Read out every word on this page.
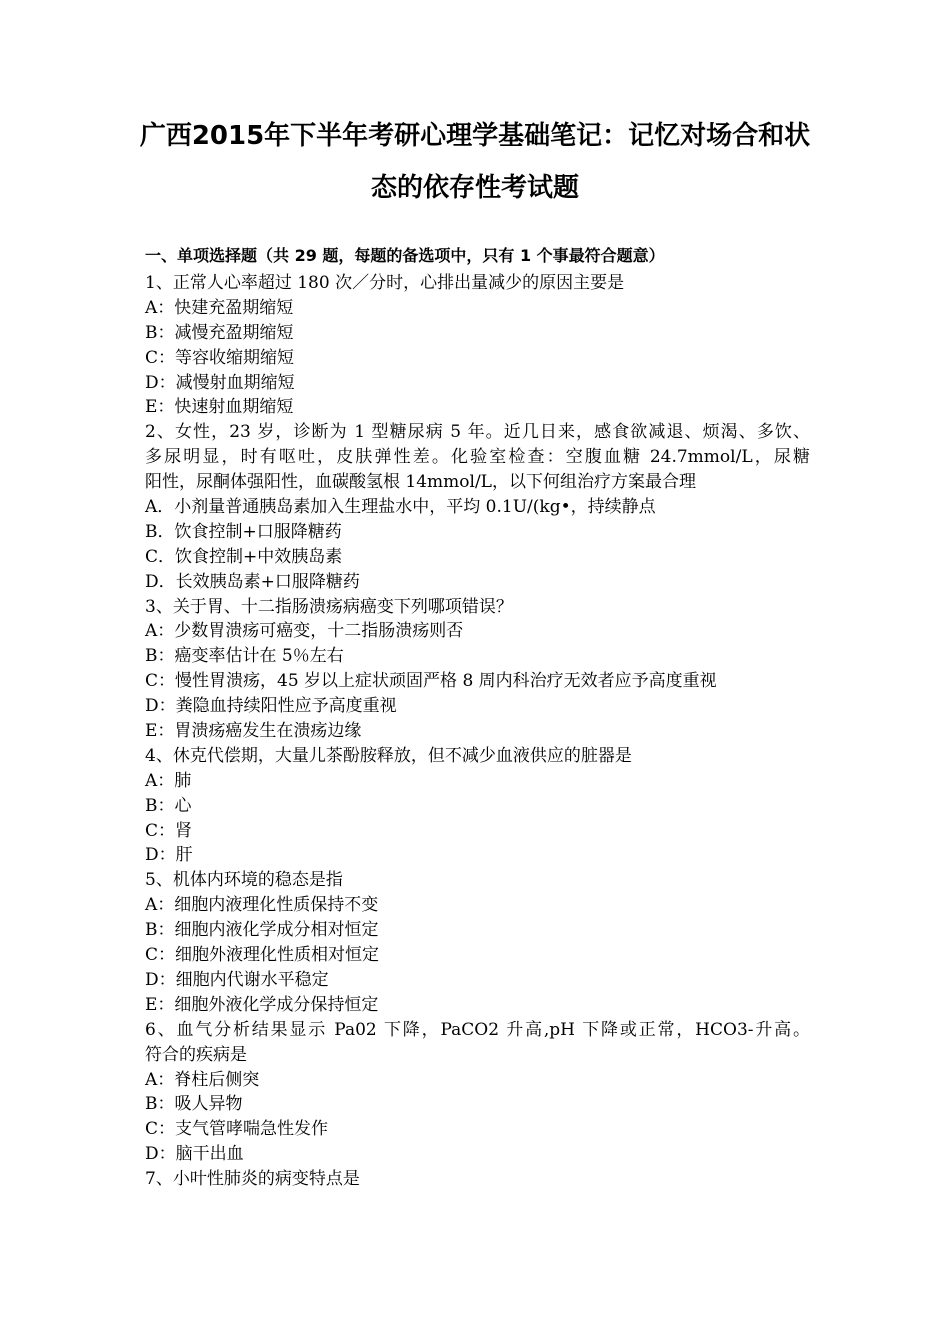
广西2015年下半年考研心理学基础笔记：记忆对场合和状
态的依存性考试题
一、单项选择题（共 29 题，每题的备选项中，只有 1 个事最符合题意）
1、正常人心率超过 180 次／分时，心排出量减少的原因主要是
A：快建充盈期缩短
B：减慢充盈期缩短
C：等容收缩期缩短
D：减慢射血期缩短
E：快速射血期缩短
2、女性，23 岁，诊断为 1 型糖尿病 5 年。近几日来，感食欲减退、烦渴、多饮、
多尿明显，时有呕吐，皮肤弹性差。化验室检查：空腹血糖 24.7mmol/L，尿糖
阳性，尿酮体强阳性，血碳酸氢根 14mmol/L，以下何组治疗方案最合理
A．小剂量普通胰岛素加入生理盐水中，平均 0.1U/(kg•，持续静点
B．饮食控制+口服降糖药
C．饮食控制+中效胰岛素
D．长效胰岛素+口服降糖药
3、关于胃、十二指肠溃疡病癌变下列哪项错误？
A：少数胃溃疡可癌变，十二指肠溃疡则否
B：癌变率估计在 5％左右
C：慢性胃溃疡，45 岁以上症状顽固严格 8 周内科治疗无效者应予高度重视
D：粪隐血持续阳性应予高度重视
E：胃溃疡癌发生在溃疡边缘
4、休克代偿期，大量儿茶酚胺释放，但不减少血液供应的脏器是
A：肺
B：心
C：肾
D：肝
5、机体内环境的稳态是指
A：细胞内液理化性质保持不变
B：细胞内液化学成分相对恒定
C：细胞外液理化性质相对恒定
D：细胞内代谢水平稳定
E：细胞外液化学成分保持恒定
6、血气分析结果显示 Pa02 下降，PaCO2 升高,pH 下降或正常，HCO3-升高。
符合的疾病是
A：脊柱后侧突
B：吸人异物
C：支气管哮喘急性发作
D：脑干出血
7、小叶性肺炎的病变特点是
